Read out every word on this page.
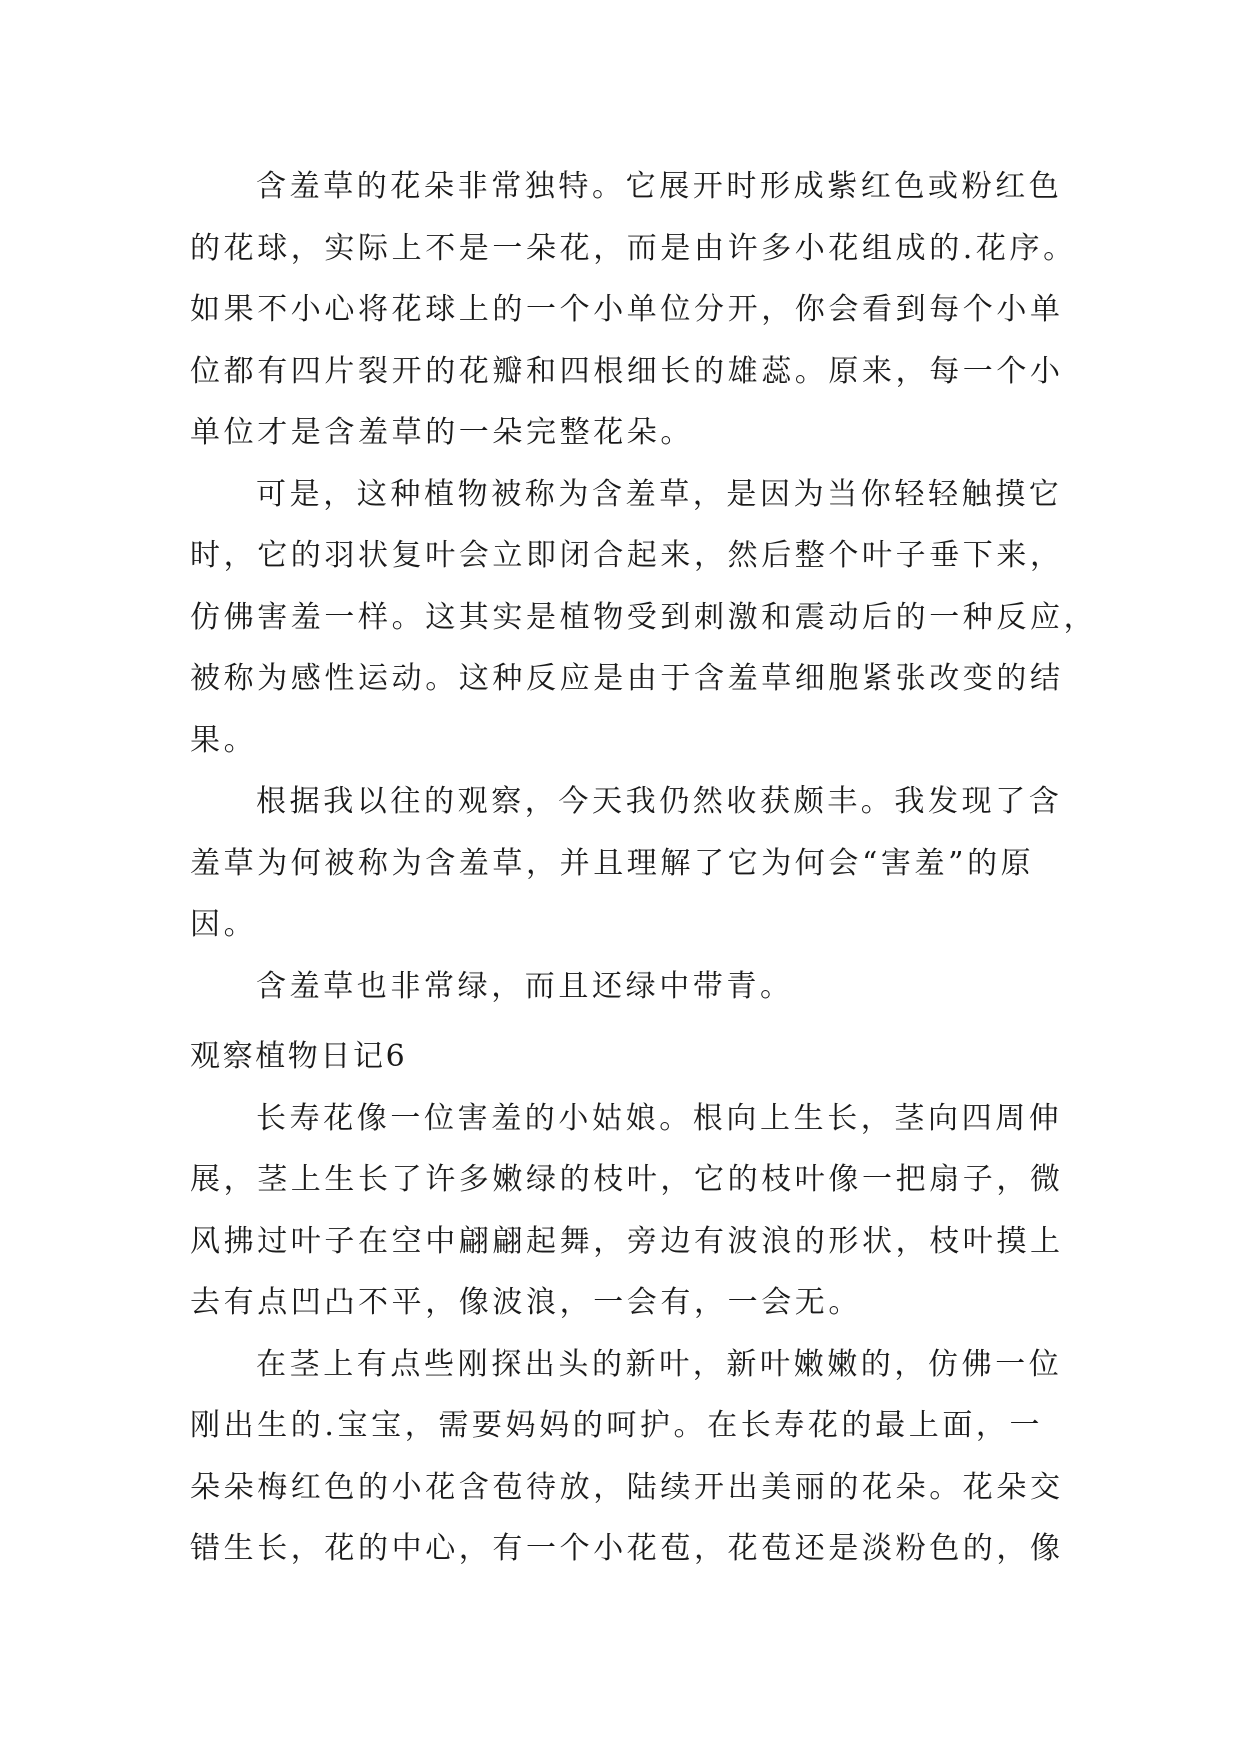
含羞草的花朵非常独特。它展开时形成紫红色或粉红色
的花球，实际上不是一朵花，而是由许多小花组成的.花序。
如果不小心将花球上的一个小单位分开，你会看到每个小单
位都有四片裂开的花瓣和四根细长的雄蕊。原来，每一个小
单位才是含羞草的一朵完整花朵。
可是，这种植物被称为含羞草，是因为当你轻轻触摸它
时，它的羽状复叶会立即闭合起来，然后整个叶子垂下来，
仿佛害羞一样。这其实是植物受到刺激和震动后的一种反应，
被称为感性运动。这种反应是由于含羞草细胞紧张改变的结
果。
根据我以往的观察，今天我仍然收获颇丰。我发现了含
羞草为何被称为含羞草，并且理解了它为何会“害羞”的原
因。
含羞草也非常绿，而且还绿中带青。
观察植物日记6
长寿花像一位害羞的小姑娘。根向上生长，茎向四周伸
展，茎上生长了许多嫩绿的枝叶，它的枝叶像一把扇子，微
风拂过叶子在空中翩翩起舞，旁边有波浪的形状，枝叶摸上
去有点凹凸不平，像波浪，一会有，一会无。
在茎上有点些刚探出头的新叶，新叶嫩嫩的，仿佛一位
刚出生的.宝宝，需要妈妈的呵护。在长寿花的最上面，一
朵朵梅红色的小花含苞待放，陆续开出美丽的花朵。花朵交
错生长，花的中心，有一个小花苞，花苞还是淡粉色的，像
